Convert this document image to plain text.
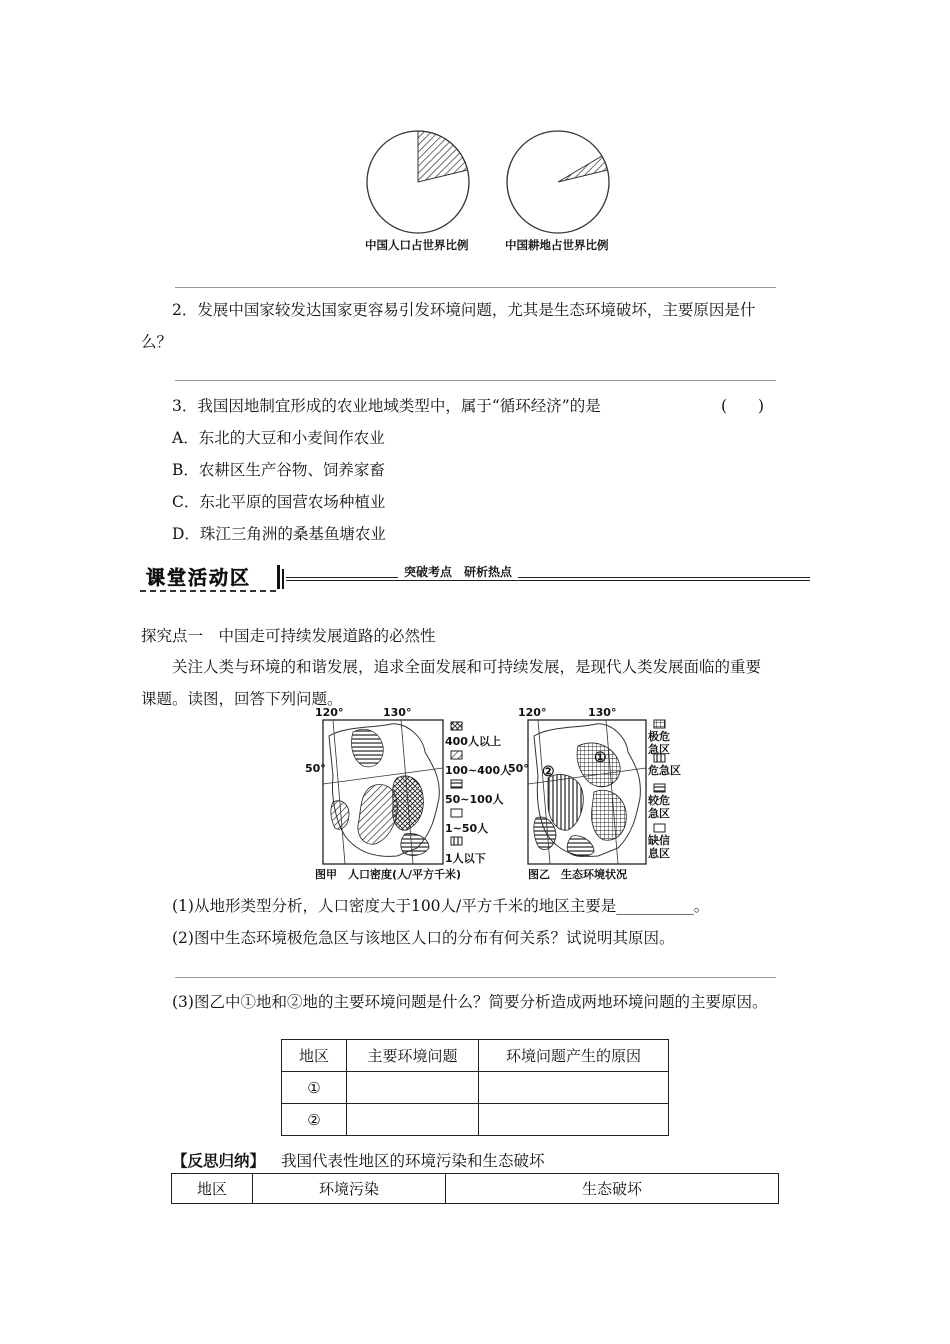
中国人口占世界比例	中国耕地占世界比例
2．发展中国家较发达国家更容易引发环境问题，尤其是生态环境破坏，主要原因是什
么？
3．我国因地制宜形成的农业地域类型中，属于“循环经济”的是	(　　)
A．东北的大豆和小麦间作农业
B．农耕区生产谷物、饲养家畜
C．东北平原的国营农场种植业
D．珠江三角洲的桑基鱼塘农业
课堂活动区	突破考点　研析热点
探究点一　中国走可持续发展道路的必然性
关注人类与环境的和谐发展，追求全面发展和可持续发展，是现代人类发展面临的重要
课题。读图，回答下列问题。
120°	130°
50°
400人以上
100~400人
50~100人
1~50人
1人以下
图甲　人口密度(人/平方千米)
120°	130°
50°
①
②
极危
急区
危急区
较危
急区
缺信
息区
图乙　生态环境状况
(1)从地形类型分析，人口密度大于100人/平方千米的地区主要是__________。
(2)图中生态环境极危急区与该地区人口的分布有何关系？试说明其原因。
(3)图乙中①地和②地的主要环境问题是什么？简要分析造成两地环境问题的主要原因。
地区	主要环境问题	环境问题产生的原因
①		
②		
【反思归纳】 我国代表性地区的环境污染和生态破坏
地区	环境污染	生态破坏
